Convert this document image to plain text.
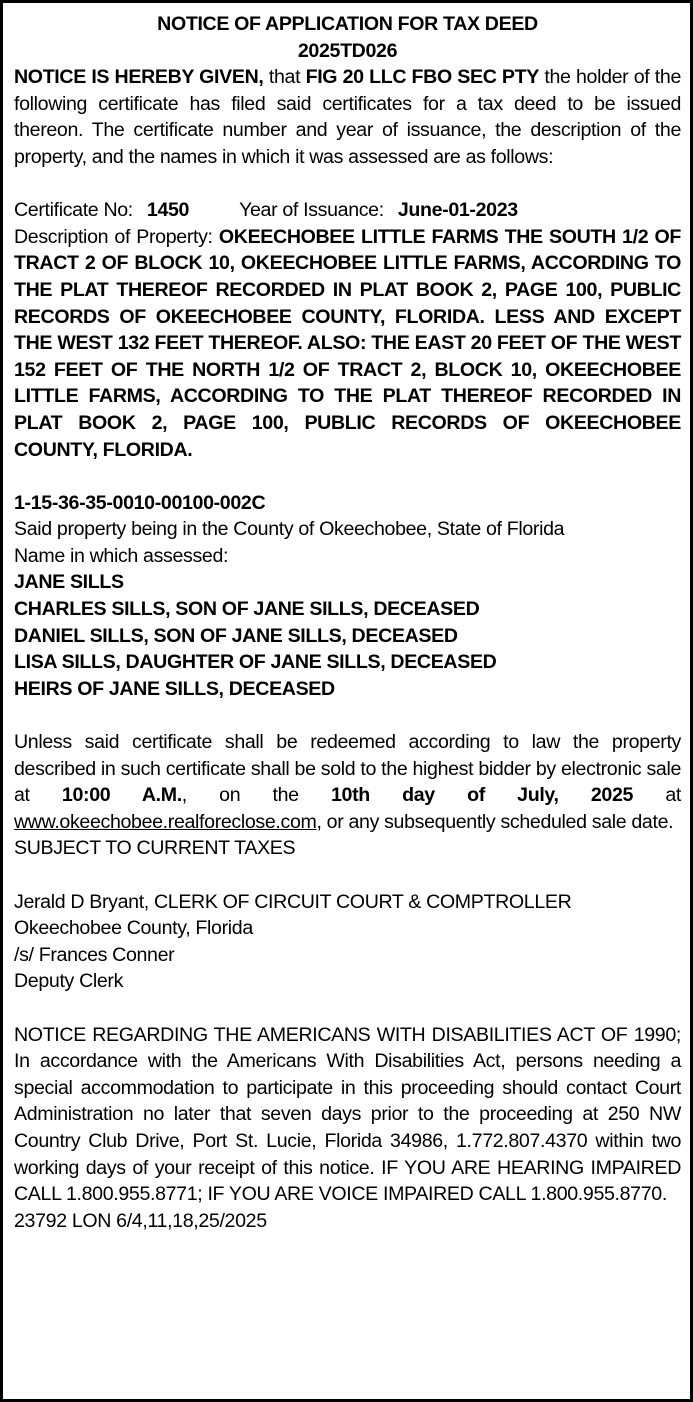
NOTICE OF APPLICATION FOR TAX DEED

2025TD026

NOTICE IS HEREBY GIVEN, that FIG 20 LLC FBO SEC PTY the holder of the following certificate has filed said certificates for a tax deed to be issued thereon. The certificate number and year of issuance, the description of the property, and the names in which it was assessed are as follows:

Certificate No: 1450	Year of Issuance: June-01-2023

Description of Property: OKEECHOBEE LITTLE FARMS THE SOUTH 1/2 OF TRACT 2 OF BLOCK 10, OKEECHOBEE LITTLE FARMS, ACCORDING TO THE PLAT THEREOF RECORDED IN PLAT BOOK 2, PAGE 100, PUBLIC RECORDS OF OKEECHOBEE COUNTY, FLORIDA. LESS AND EXCEPT THE WEST 132 FEET THEREOF. ALSO: THE EAST 20 FEET OF THE WEST 152 FEET OF THE NORTH 1/2 OF TRACT 2, BLOCK 10, OKEECHOBEE LITTLE FARMS, ACCORDING TO THE PLAT THEREOF RECORDED IN PLAT BOOK 2, PAGE 100, PUBLIC RECORDS OF OKEECHOBEE COUNTY, FLORIDA.

1-15-36-35-0010-00100-002C

Said property being in the County of Okeechobee, State of Florida

Name in which assessed:

JANE SILLS

CHARLES SILLS, SON OF JANE SILLS, DECEASED

DANIEL SILLS, SON OF JANE SILLS, DECEASED

LISA SILLS, DAUGHTER OF JANE SILLS, DECEASED

HEIRS OF JANE SILLS, DECEASED

Unless said certificate shall be redeemed according to law the property described in such certificate shall be sold to the highest bidder by electronic sale at 10:00 A.M., on the 10th day of July, 2025 at www.okeechobee.realforeclose.com, or any subsequently scheduled sale date.

SUBJECT TO CURRENT TAXES

Jerald D Bryant, CLERK OF CIRCUIT COURT & COMPTROLLER

Okeechobee County, Florida

/s/ Frances Conner

Deputy Clerk

NOTICE REGARDING THE AMERICANS WITH DISABILITIES ACT OF 1990; In accordance with the Americans With Disabilities Act, persons needing a special accommodation to participate in this proceeding should contact Court Administration no later that seven days prior to the proceeding at 250 NW Country Club Drive, Port St. Lucie, Florida 34986, 1.772.807.4370 within two working days of your receipt of this notice. IF YOU ARE HEARING IMPAIRED CALL 1.800.955.8771; IF YOU ARE VOICE IMPAIRED CALL 1.800.955.8770.

23792 LON 6/4,11,18,25/2025
